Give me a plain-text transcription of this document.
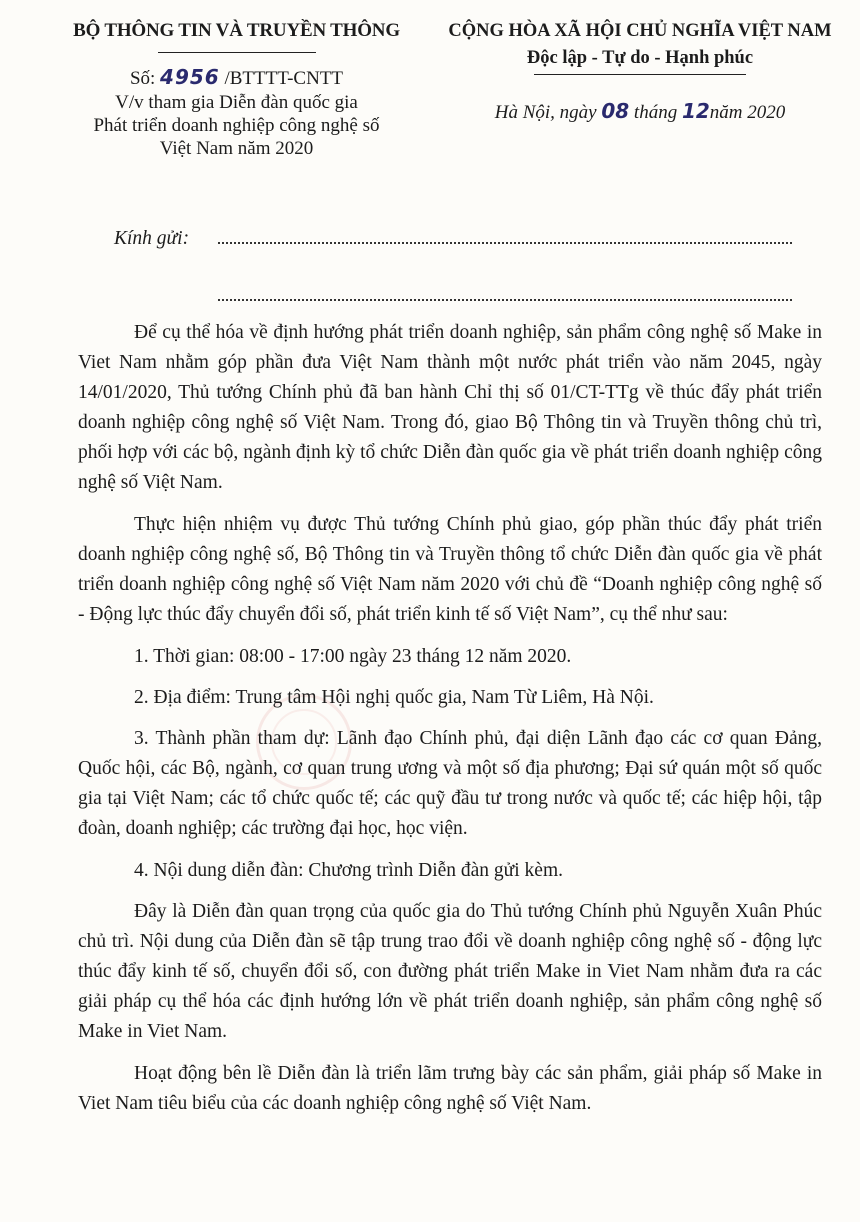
BỘ THÔNG TIN VÀ TRUYỀN THÔNG
Số: 4956 /BTTTT-CNTT
V/v tham gia Diễn đàn quốc gia
Phát triển doanh nghiệp công nghệ số
Việt Nam năm 2020
CỘNG HÒA XÃ HỘI CHỦ NGHĨA VIỆT NAM
Độc lập - Tự do - Hạnh phúc
Hà Nội, ngày 08 tháng 12năm 2020
Kính gửi:

Để cụ thể hóa về định hướng phát triển doanh nghiệp, sản phẩm công nghệ số Make in Viet Nam nhằm góp phần đưa Việt Nam thành một nước phát triển vào năm 2045, ngày 14/01/2020, Thủ tướng Chính phủ đã ban hành Chỉ thị số 01/CT-TTg về thúc đẩy phát triển doanh nghiệp công nghệ số Việt Nam. Trong đó, giao Bộ Thông tin và Truyền thông chủ trì, phối hợp với các bộ, ngành định kỳ tổ chức Diễn đàn quốc gia về phát triển doanh nghiệp công nghệ số Việt Nam.

Thực hiện nhiệm vụ được Thủ tướng Chính phủ giao, góp phần thúc đẩy phát triển doanh nghiệp công nghệ số, Bộ Thông tin và Truyền thông tổ chức Diễn đàn quốc gia về phát triển doanh nghiệp công nghệ số Việt Nam năm 2020 với chủ đề “Doanh nghiệp công nghệ số - Động lực thúc đẩy chuyển đổi số, phát triển kinh tế số Việt Nam”, cụ thể như sau:

1. Thời gian: 08:00 - 17:00 ngày 23 tháng 12 năm 2020.

2. Địa điểm: Trung tâm Hội nghị quốc gia, Nam Từ Liêm, Hà Nội.

3. Thành phần tham dự: Lãnh đạo Chính phủ, đại diện Lãnh đạo các cơ quan Đảng, Quốc hội, các Bộ, ngành, cơ quan trung ương và một số địa phương; Đại sứ quán một số quốc gia tại Việt Nam; các tổ chức quốc tế; các quỹ đầu tư trong nước và quốc tế; các hiệp hội, tập đoàn, doanh nghiệp; các trường đại học, học viện.

4. Nội dung diễn đàn: Chương trình Diễn đàn gửi kèm.

Đây là Diễn đàn quan trọng của quốc gia do Thủ tướng Chính phủ Nguyễn Xuân Phúc chủ trì. Nội dung của Diễn đàn sẽ tập trung trao đổi về doanh nghiệp công nghệ số - động lực thúc đẩy kinh tế số, chuyển đổi số, con đường phát triển Make in Viet Nam nhằm đưa ra các giải pháp cụ thể hóa các định hướng lớn về phát triển doanh nghiệp, sản phẩm công nghệ số Make in Viet Nam.

Hoạt động bên lề Diễn đàn là triển lãm trưng bày các sản phẩm, giải pháp số Make in Viet Nam tiêu biểu của các doanh nghiệp công nghệ số Việt Nam.
